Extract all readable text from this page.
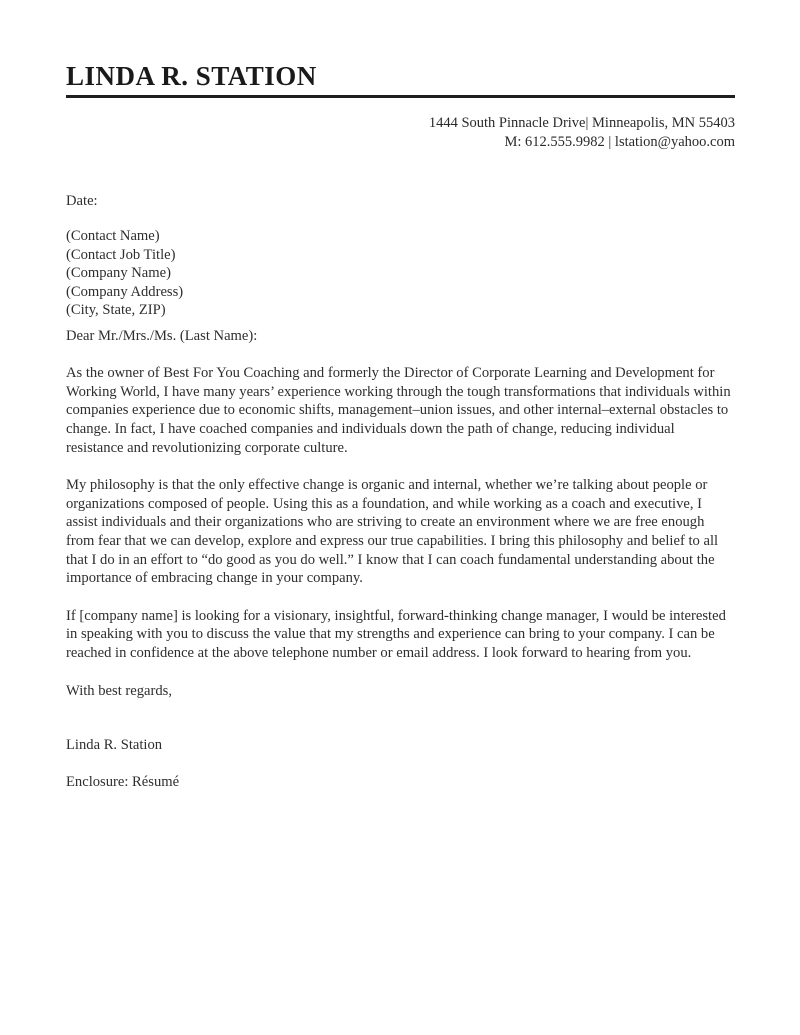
LINDA R. STATION
1444 South Pinnacle Drive| Minneapolis, MN 55403
M: 612.555.9982 | lstation@yahoo.com

Date:

(Contact Name)
(Contact Job Title)
(Company Name)
(Company Address)
(City, State, ZIP)

Dear Mr./Mrs./Ms. (Last Name):

As the owner of Best For You Coaching and formerly the Director of Corporate Learning and Development for Working World, I have many years’ experience working through the tough transformations that individuals within companies experience due to economic shifts, management–union issues, and other internal–external obstacles to change. In fact, I have coached companies and individuals down the path of change, reducing individual resistance and revolutionizing corporate culture.

My philosophy is that the only effective change is organic and internal, whether we’re talking about people or organizations composed of people. Using this as a foundation, and while working as a coach and executive, I assist individuals and their organizations who are striving to create an environment where we are free enough from fear that we can develop, explore and express our true capabilities. I bring this philosophy and belief to all that I do in an effort to “do good as you do well.” I know that I can coach fundamental understanding about the importance of embracing change in your company.

If [company name] is looking for a visionary, insightful, forward-thinking change manager, I would be interested in speaking with you to discuss the value that my strengths and experience can bring to your company. I can be reached in confidence at the above telephone number or email address. I look forward to hearing from you.

With best regards,

Linda R. Station

Enclosure: Résumé
